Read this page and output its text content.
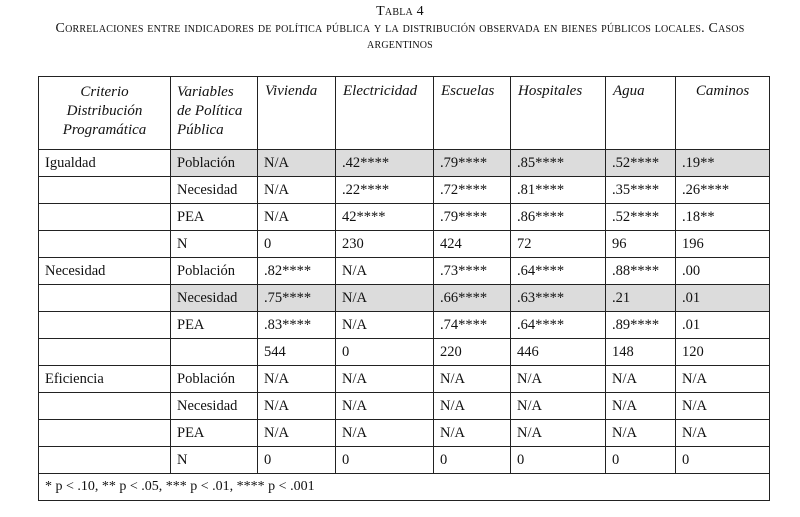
Tabla 4
Correlaciones entre indicadores de política pública y la distribución observada en bienes públicos locales. Casos argentinos
Criterio Distribución Programática	Variables de Política Pública	Vivienda	Electricidad	Escuelas	Hospitales	Agua	Caminos
Igualdad	Población	N/A	.42****	.79****	.85****	.52****	.19**
	Necesidad	N/A	.22****	.72****	.81****	.35****	.26****
	PEA	N/A	42****	.79****	.86****	.52****	.18**
	N	0	230	424	72	96	196
Necesidad	Población	.82****	N/A	.73****	.64****	.88****	.00
	Necesidad	.75****	N/A	.66****	.63****	.21	.01
	PEA	.83****	N/A	.74****	.64****	.89****	.01
		544	0	220	446	148	120
Eficiencia	Población	N/A	N/A	N/A	N/A	N/A	N/A
	Necesidad	N/A	N/A	N/A	N/A	N/A	N/A
	PEA	N/A	N/A	N/A	N/A	N/A	N/A
	N	0	0	0	0	0	0
* p < .10, ** p < .05, *** p < .01, **** p < .001							
